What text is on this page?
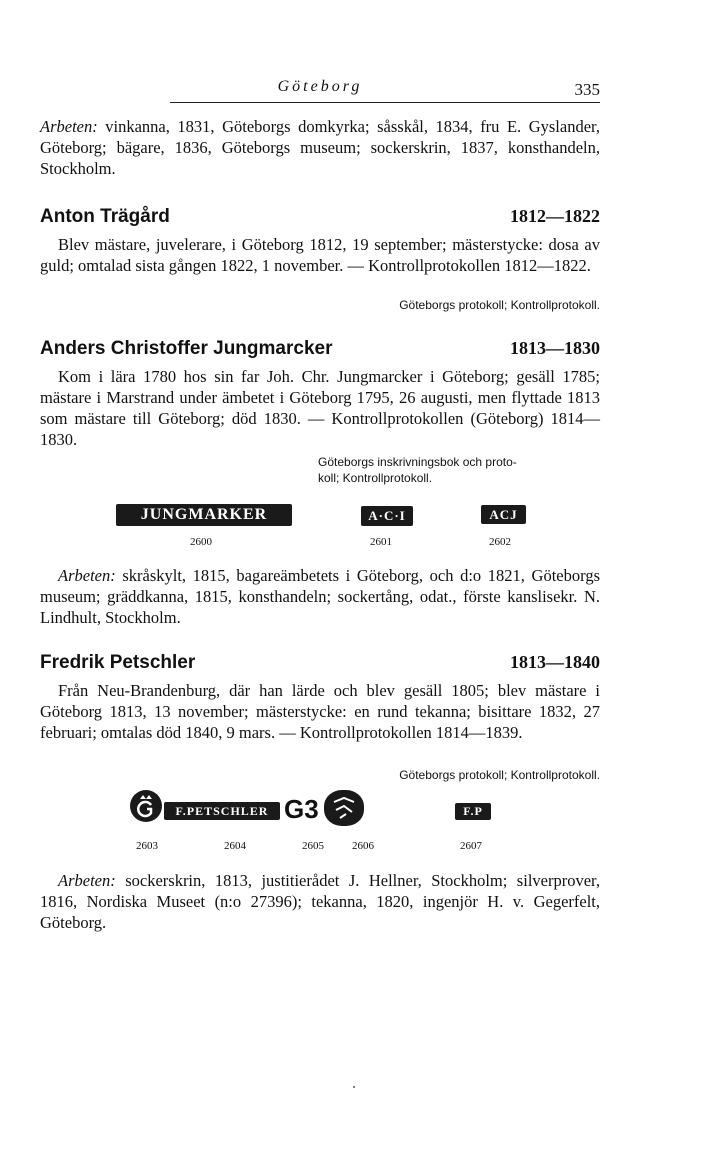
Göteborg	335
Arbeten: vinkanna, 1831, Göteborgs domkyrka; såsskål, 1834, fru E. Gyslander, Göteborg; bägare, 1836, Göteborgs museum; sockerskrin, 1837, konsthandeln, Stockholm.
Anton Trägård	1812—1822
Blev mästare, juvelerare, i Göteborg 1812, 19 september; mästerstycke: dosa av guld; omtalad sista gången 1822, 1 november. — Kontrollprotokollen 1812—1822.
Göteborgs protokoll; Kontrollprotokoll.
Anders Christoffer Jungmarcker	1813—1830
Kom i lära 1780 hos sin far Joh. Chr. Jungmarcker i Göteborg; gesäll 1785; mästare i Marstrand under ämbetet i Göteborg 1795, 26 augusti, men flyttade 1813 som mästare till Göteborg; död 1830. — Kontrollprotokollen (Göteborg) 1814—1830.
Göteborgs inskrivningsbok och proto-
koll; Kontrollprotokoll.
JUNGMARKER
2600
A·C·I
2601
ACJ
2602
Arbeten: skråskylt, 1815, bagareämbetets i Göteborg, och d:o 1821, Göteborgs museum; gräddkanna, 1815, konsthandeln; sockertång, odat., förste kanslisekr. N. Lindhult, Stockholm.
Fredrik Petschler	1813—1840
Från Neu-Brandenburg, där han lärde och blev gesäll 1805; blev mästare i Göteborg 1813, 13 november; mästerstycke: en rund tekanna; bisittare 1832, 27 februari; omtalas död 1840, 9 mars. — Kontrollprotokollen 1814—1839.
Göteborgs protokoll; Kontrollprotokoll.
2603
F.PETSCHLER
2604
G3
2605	2606
F.P
2607
Arbeten: sockerskrin, 1813, justitierådet J. Hellner, Stockholm; silverprover, 1816, Nordiska Museet (n:o 27396); tekanna, 1820, ingenjör H. v. Gegerfelt, Göteborg.
